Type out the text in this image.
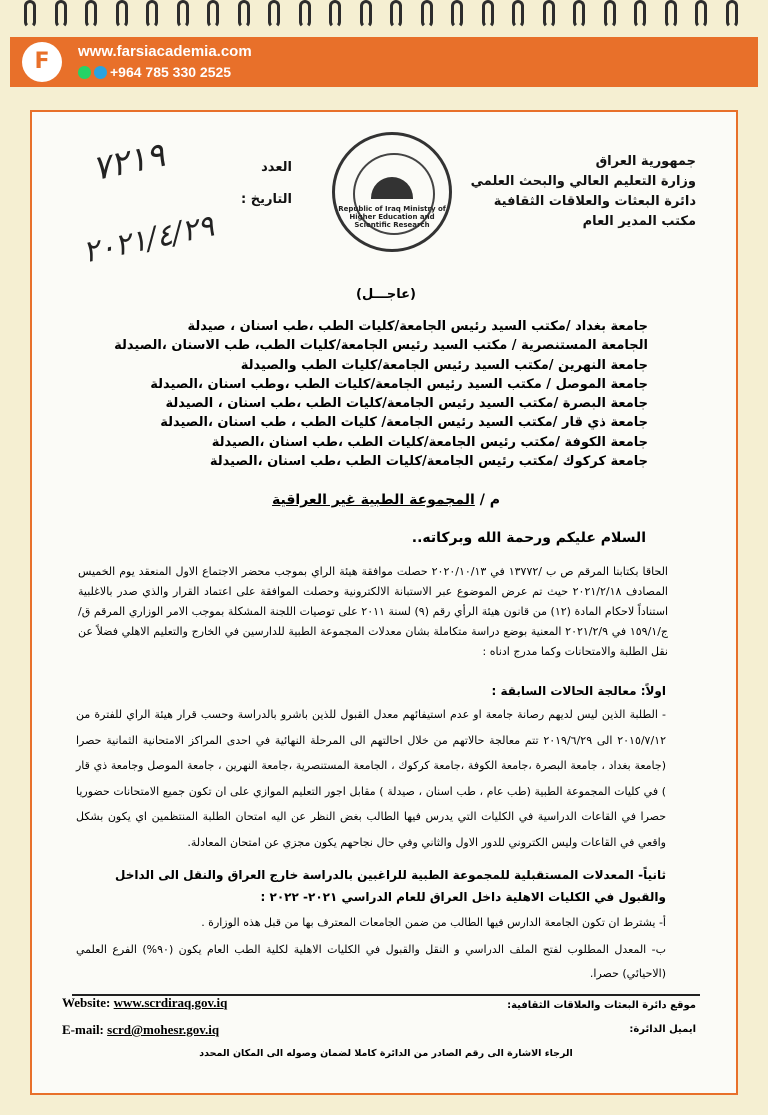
F	www.farsiacademia.com
+964 785 330 2525
جمهورية العراق
وزارة التعليم العالي والبحث العلمي
دائرة البعثات والعلاقات الثقافية
مكتب المدير العام
Republic of Iraq Ministry of Higher Education and Scientific Research
العدد
التاريخ :
٧٢١٩
٢٠٢١/٤/٢٩
(عاجـــل)
جامعة بغداد /مكتب السيد رئيس الجامعة/كليات الطب ،طب اسنان ، صيدلة
الجامعة المستنصرية / مكتب السيد رئيس الجامعة/كليات الطب، طب الاسنان ،الصيدلة
جامعة النهرين /مكتب السيد رئيس الجامعة/كليات الطب والصيدلة
جامعة الموصل / مكتب السيد رئيس الجامعة/كليات الطب ،وطب اسنان ،الصيدلة
جامعة البصرة /مكتب السيد رئيس الجامعة/كليات الطب ،طب اسنان ، الصيدلة
جامعة ذي قار /مكتب السيد رئيس الجامعة/ كليات الطب ، طب اسنان ،الصيدلة
جامعة الكوفة /مكتب رئيس الجامعة/كليات الطب ،طب اسنان ،الصيدلة
جامعة كركوك /مكتب رئيس الجامعة/كليات الطب ،طب اسنان ،الصيدلة
م / المجموعة الطبية غير العراقية
السلام عليكم ورحمة الله وبركاته..
الحاقا بكتابنا المرقم ص ب /١٣٧٧٢ في ٢٠٢٠/١٠/١٣ حصلت موافقة هيئة الراي بموجب محضر الاجتماع الاول المنعقد يوم الخميس المصادف ٢٠٢١/٢/١٨ حيث تم عرض الموضوع عبر الاستبانة الالكترونية وحصلت الموافقة على اعتماد القرار والذي صدر بالاغلبية استناداً لاحكام المادة (١٢) من قانون هيئة الرأي رقم (٩) لسنة ٢٠١١ على توصيات اللجنة المشكلة بموجب الامر الوزاري المرقم ق/ج/١٥٩/١ في ٢٠٢١/٢/٩ المعنية بوضع دراسة متكاملة بشان معدلات المجموعة الطبية للدارسين في الخارج والتعليم الاهلي فضلاً عن نقل الطلبة والامتحانات وكما مدرج ادناه :
اولاً: معالجة الحالات السابقة :
- الطلبة الذين ليس لديهم رصانة جامعة او عدم استيفائهم معدل القبول للذين باشرو بالدراسة وحسب قرار هيئة الراي للفترة من ٢٠١٥/٧/١٢ الى ٢٠١٩/٦/٢٩ تتم معالجة حالاتهم من خلال احالتهم الى المرحلة النهائية في احدى المراكز الامتحانية الثمانية حصرا (جامعة بغداد ، جامعة البصرة ،جامعة الكوفة ،جامعة كركوك ، الجامعة المستنصرية ،جامعة النهرين ، جامعة الموصل وجامعة ذي قار ) في كليات المجموعة الطبية (طب عام ، طب اسنان ، صيدلة ) مقابل اجور التعليم الموازي على ان تكون جميع الامتحانات حضوريا حصرا في القاعات الدراسية في الكليات التي يدرس فيها الطالب بغض النظر عن اليه امتحان الطلبة المنتظمين اي يكون بشكل واقعي في القاعات وليس الكتروني للدور الاول والثاني وفي حال نجاحهم يكون مجزي عن امتحان المعادلة.
ثانياً- المعدلات المستقبلية للمجموعة الطبية للراغبين بالدراسة خارج العراق والنقل الى الداخل والقبول في الكليات الاهلية داخل العراق للعام الدراسي ٢٠٢١- ٢٠٢٢ :
أ- يشترط ان تكون الجامعة الدارس فيها الطالب من ضمن الجامعات المعترف بها من قبل هذه الوزارة .
ب- المعدل المطلوب لفتح الملف الدراسي و النقل والقبول في الكليات الاهلية لكلية الطب العام يكون (٩٠%) الفرع العلمي (الاحيائي) حصرا.
Website: www.scrdiraq.gov.iq
E-mail: scrd@mohesr.gov.iq
موقع دائرة البعثات والعلاقات الثقافية:
ايميل الدائرة:
الرجاء الاشارة الى رقم الصادر من الدائرة كاملا لضمان وصوله الى المكان المحدد
